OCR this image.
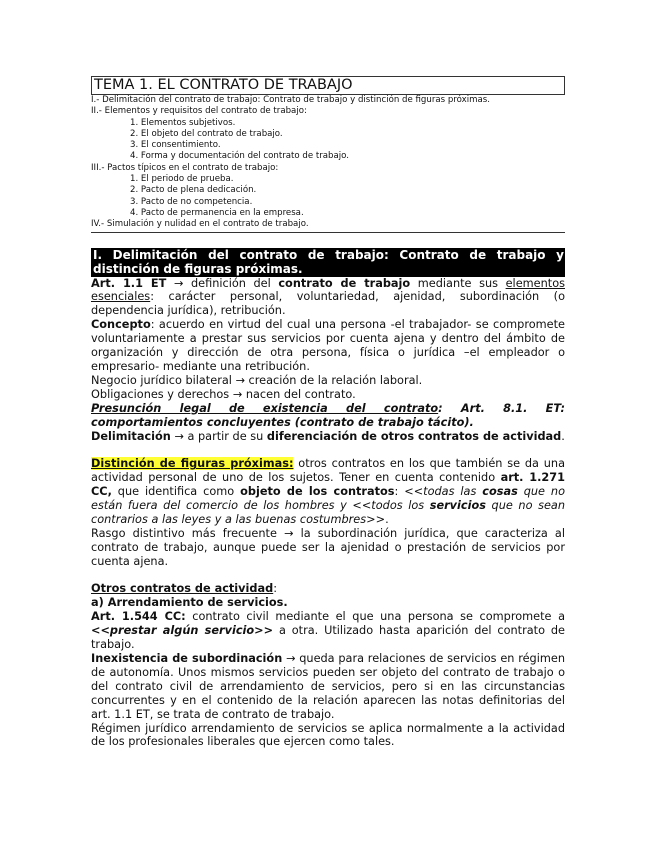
TEMA 1. EL CONTRATO DE TRABAJO
I.- Delimitación del contrato de trabajo: Contrato de trabajo y distinción de figuras próximas.
II.- Elementos y requisitos del contrato de trabajo:
1. Elementos subjetivos.
2. El objeto del contrato de trabajo.
3. El consentimiento.
4. Forma y documentación del contrato de trabajo.
III.- Pactos típicos en el contrato de trabajo:
1. El periodo de prueba.
2. Pacto de plena dedicación.
3. Pacto de no competencia.
4. Pacto de permanencia en la empresa.
IV.- Simulación y nulidad en el contrato de trabajo.
I. Delimitación del contrato de trabajo: Contrato de trabajo y distinción de figuras próximas.

Art. 1.1 ET → definición del contrato de trabajo mediante sus elementos esenciales: carácter personal, voluntariedad, ajenidad, subordinación (o dependencia jurídica), retribución.

Concepto: acuerdo en virtud del cual una persona -el trabajador- se compromete voluntariamente a prestar sus servicios por cuenta ajena y dentro del ámbito de organización y dirección de otra persona, física o jurídica –el empleador o empresario- mediante una retribución.

Negocio jurídico bilateral → creación de la relación laboral.

Obligaciones y derechos → nacen del contrato.

Presunción legal de existencia del contrato: Art. 8.1. ET: comportamientos concluyentes (contrato de trabajo tácito).

Delimitación → a partir de su diferenciación de otros contratos de actividad.

Distinción de figuras próximas: otros contratos en los que también se da una actividad personal de uno de los sujetos. Tener en cuenta contenido art. 1.271 CC, que identifica como objeto de los contratos: <<todas las cosas que no están fuera del comercio de los hombres y <<todos los servicios que no sean contrarios a las leyes y a las buenas costumbres>>.

Rasgo distintivo más frecuente → la subordinación jurídica, que caracteriza al contrato de trabajo, aunque puede ser la ajenidad o prestación de servicios por cuenta ajena.

Otros contratos de actividad:

a) Arrendamiento de servicios.

Art. 1.544 CC: contrato civil mediante el que una persona se compromete a <<prestar algún servicio>> a otra. Utilizado hasta aparición del contrato de trabajo.

Inexistencia de subordinación → queda para relaciones de servicios en régimen de autonomía. Unos mismos servicios pueden ser objeto del contrato de trabajo o del contrato civil de arrendamiento de servicios, pero si en las circunstancias concurrentes y en el contenido de la relación aparecen las notas definitorias del art. 1.1 ET, se trata de contrato de trabajo.

Régimen jurídico arrendamiento de servicios se aplica normalmente a la actividad de los profesionales liberales que ejercen como tales.
